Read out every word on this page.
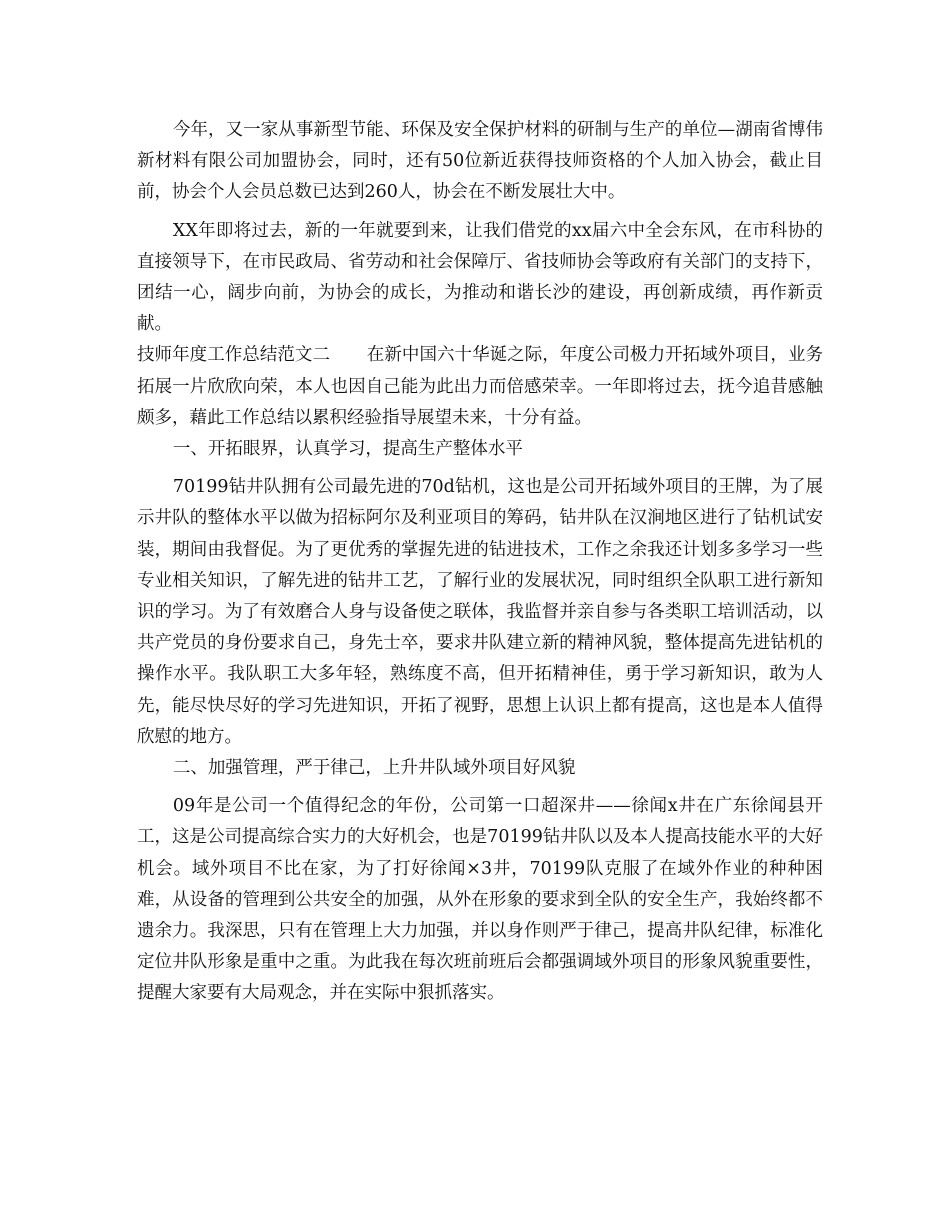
今年，又一家从事新型节能、环保及安全保护材料的研制与生产的单位—湖南省博伟新材料有限公司加盟协会，同时，还有50位新近获得技师资格的个人加入协会，截止目前，协会个人会员总数已达到260人，协会在不断发展壮大中。

XX年即将过去，新的一年就要到来，让我们借党的xx届六中全会东风，在市科协的直接领导下，在市民政局、省劳动和社会保障厅、省技师协会等政府有关部门的支持下，团结一心，阔步向前，为协会的成长，为推动和谐长沙的建设，再创新成绩，再作新贡献。

技师年度工作总结范文二 在新中国六十华诞之际，年度公司极力开拓域外项目，业务拓展一片欣欣向荣，本人也因自己能为此出力而倍感荣幸。一年即将过去，抚今追昔感触颇多，藉此工作总结以累积经验指导展望未来，十分有益。

一、开拓眼界，认真学习，提高生产整体水平

70199钻井队拥有公司最先进的70d钻机，这也是公司开拓域外项目的王牌，为了展示井队的整体水平以做为招标阿尔及利亚项目的筹码，钻井队在汉涧地区进行了钻机试安装，期间由我督促。为了更优秀的掌握先进的钻进技术，工作之余我还计划多多学习一些专业相关知识，了解先进的钻井工艺，了解行业的发展状况，同时组织全队职工进行新知识的学习。为了有效磨合人身与设备使之联体，我监督并亲自参与各类职工培训活动，以共产党员的身份要求自己，身先士卒，要求井队建立新的精神风貌，整体提高先进钻机的操作水平。我队职工大多年轻，熟练度不高，但开拓精神佳，勇于学习新知识，敢为人先，能尽快尽好的学习先进知识，开拓了视野，思想上认识上都有提高，这也是本人值得欣慰的地方。

二、加强管理，严于律己，上升井队域外项目好风貌

09年是公司一个值得纪念的年份，公司第一口超深井——徐闻x井在广东徐闻县开工，这是公司提高综合实力的大好机会，也是70199钻井队以及本人提高技能水平的大好机会。域外项目不比在家，为了打好徐闻×3井，70199队克服了在域外作业的种种困难，从设备的管理到公共安全的加强，从外在形象的要求到全队的安全生产，我始终都不遗余力。我深思，只有在管理上大力加强，并以身作则严于律己，提高井队纪律，标准化定位井队形象是重中之重。为此我在每次班前班后会都强调域外项目的形象风貌重要性，提醒大家要有大局观念，并在实际中狠抓落实。
